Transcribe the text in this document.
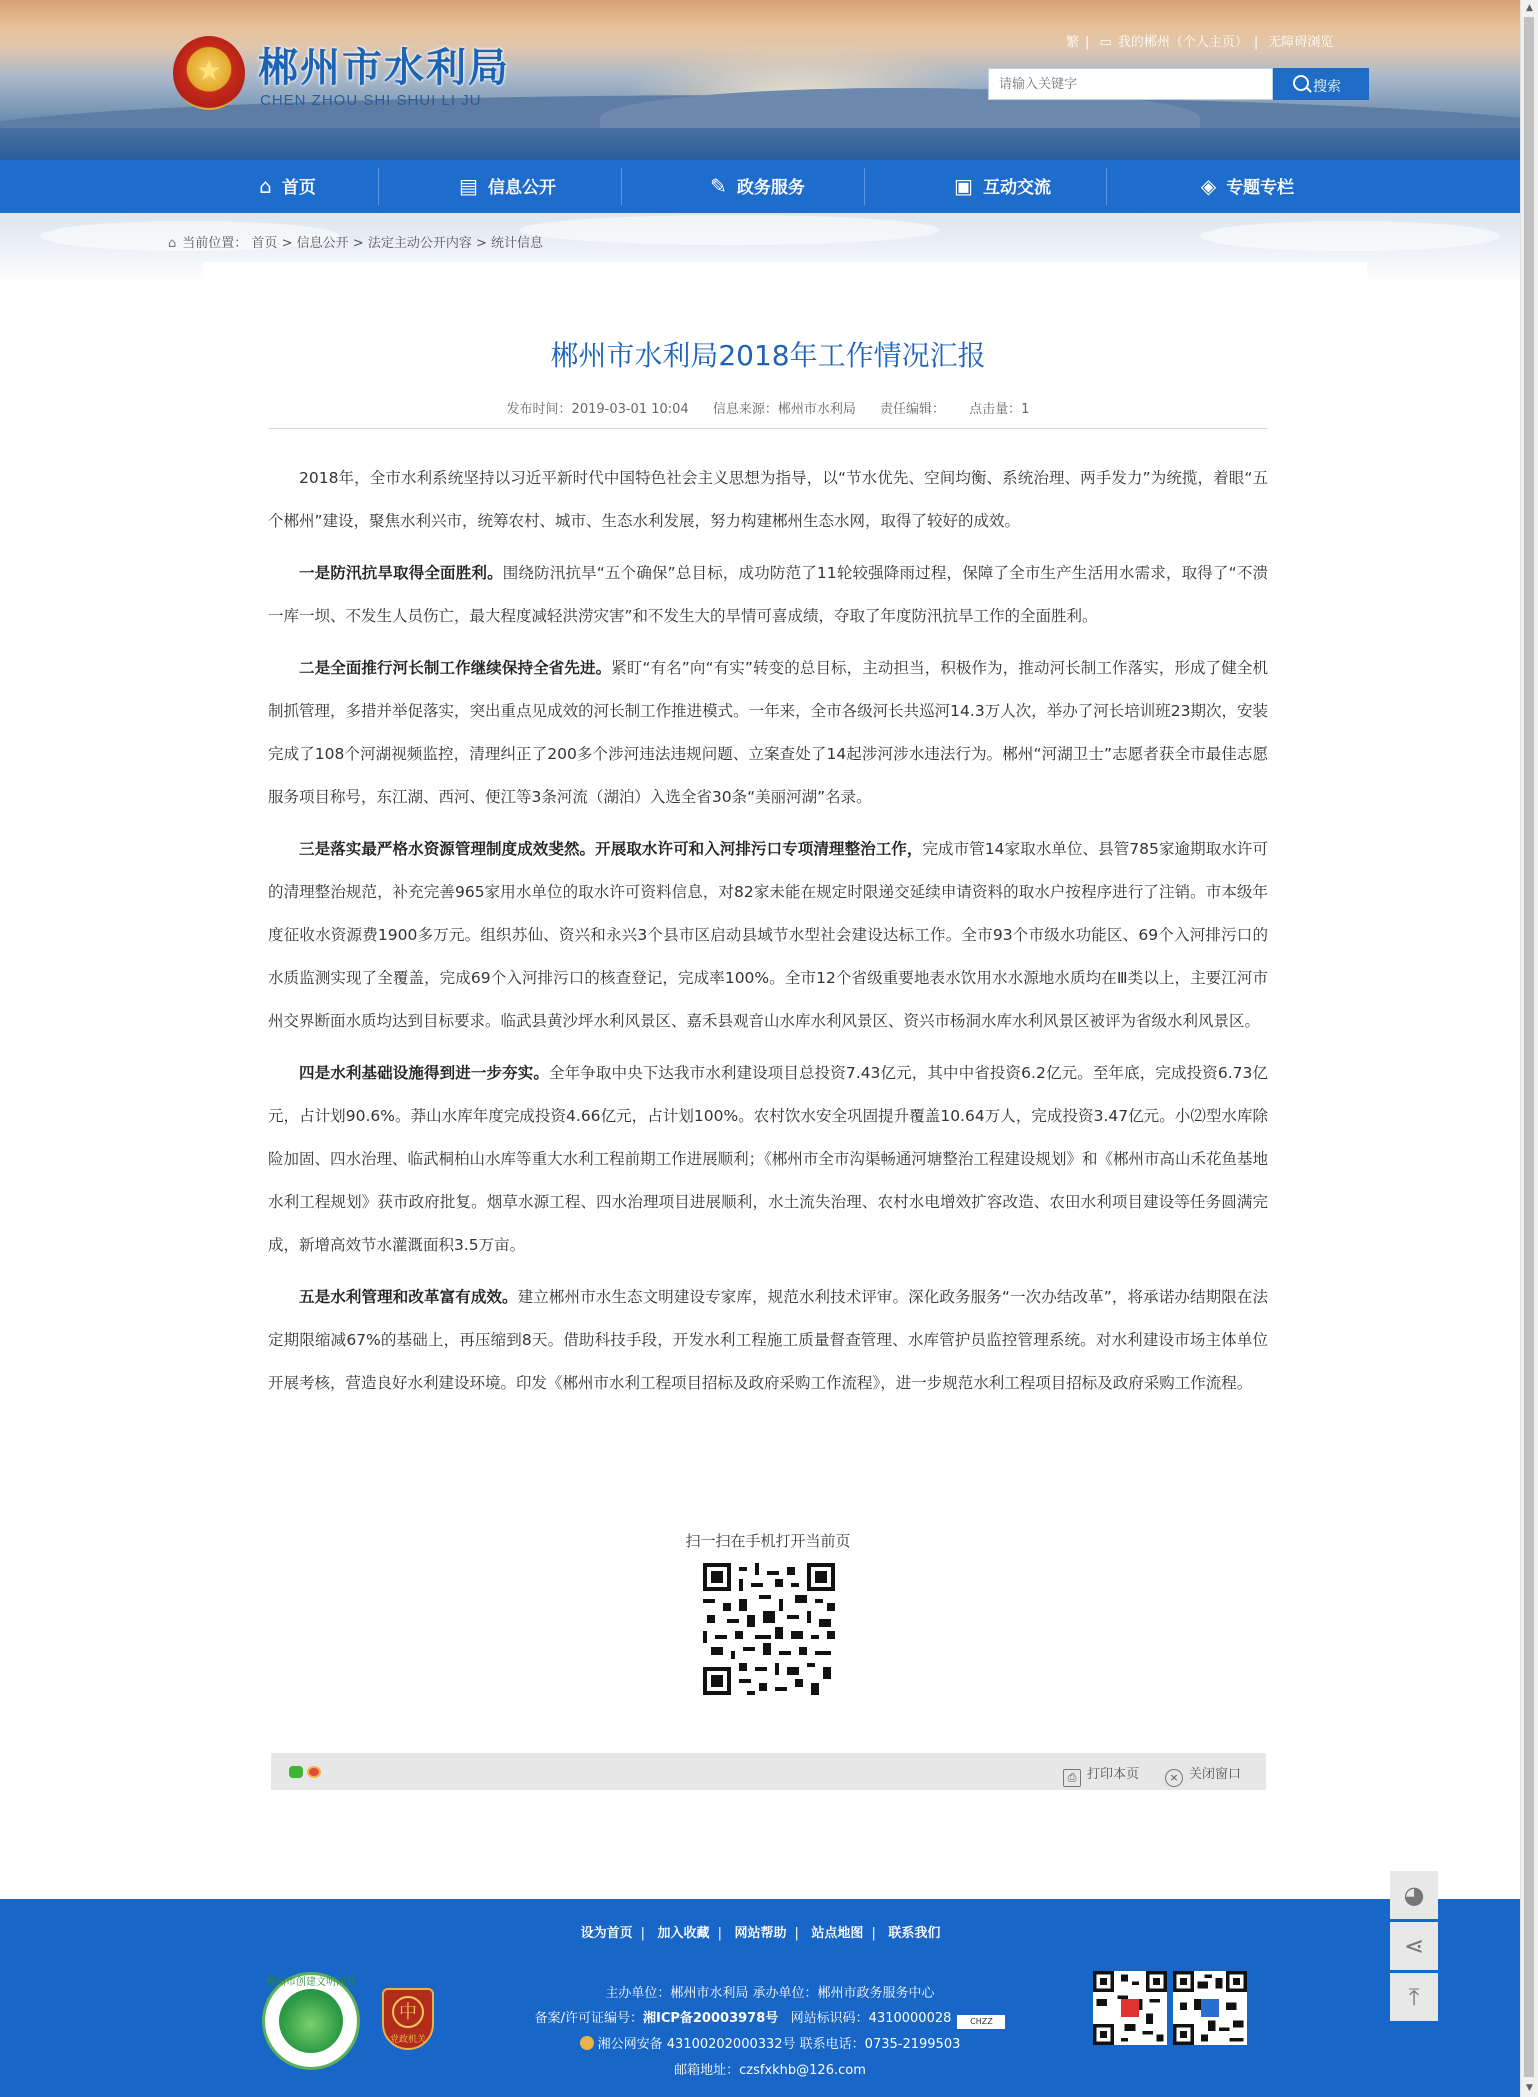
★ 郴州市水利局
CHEN ZHOU SHI SHUI LI JU
繁 | ▭ 我的郴州（个人主页） | 无障碍浏览
请输入关键字
搜索
⌂ 首页	▤ 信息公开	✎ 政务服务	▣ 互动交流	◈ 专题专栏
⌂ 当前位置： 首页 > 信息公开 > 法定主动公开内容 > 统计信息
郴州市水利局2018年工作情况汇报
发布时间：2019-03-01 10:04 信息来源：郴州市水利局 责任编辑： 点击量：1

2018年，全市水利系统坚持以习近平新时代中国特色社会主义思想为指导，以“节水优先、空间均衡、系统治理、两手发力”为统揽，着眼“五个郴州”建设，聚焦水利兴市，统筹农村、城市、生态水利发展，努力构建郴州生态水网，取得了较好的成效。

一是防汛抗旱取得全面胜利。围绕防汛抗旱“五个确保”总目标，成功防范了11轮较强降雨过程，保障了全市生产生活用水需求，取得了“不溃一库一坝、不发生人员伤亡，最大程度减轻洪涝灾害”和不发生大的旱情可喜成绩，夺取了年度防汛抗旱工作的全面胜利。

二是全面推行河长制工作继续保持全省先进。紧盯“有名”向“有实”转变的总目标，主动担当，积极作为，推动河长制工作落实，形成了健全机制抓管理，多措并举促落实，突出重点见成效的河长制工作推进模式。一年来，全市各级河长共巡河14.3万人次，举办了河长培训班23期次，安装完成了108个河湖视频监控，清理纠正了200多个涉河违法违规问题、立案查处了14起涉河涉水违法行为。郴州“河湖卫士”志愿者获全市最佳志愿服务项目称号，东江湖、西河、便江等3条河流（湖泊）入选全省30条“美丽河湖”名录。

三是落实最严格水资源管理制度成效斐然。开展取水许可和入河排污口专项清理整治工作，完成市管14家取水单位、县管785家逾期取水许可的清理整治规范，补充完善965家用水单位的取水许可资料信息，对82家未能在规定时限递交延续申请资料的取水户按程序进行了注销。市本级年度征收水资源费1900多万元。组织苏仙、资兴和永兴3个县市区启动县域节水型社会建设达标工作。全市93个市级水功能区、69个入河排污口的水质监测实现了全覆盖，完成69个入河排污口的核查登记，完成率100%。全市12个省级重要地表水饮用水水源地水质均在Ⅲ类以上，主要江河市州交界断面水质均达到目标要求。临武县黄沙坪水利风景区、嘉禾县观音山水库水利风景区、资兴市杨洞水库水利风景区被评为省级水利风景区。

四是水利基础设施得到进一步夯实。全年争取中央下达我市水利建设项目总投资7.43亿元，其中中省投资6.2亿元。至年底，完成投资6.73亿元，占计划90.6%。莽山水库年度完成投资4.66亿元，占计划100%。农村饮水安全巩固提升覆盖10.64万人，完成投资3.47亿元。小⑵型水库除险加固、四水治理、临武桐柏山水库等重大水利工程前期工作进展顺利；《郴州市全市沟渠畅通河塘整治工程建设规划》和《郴州市高山禾花鱼基地水利工程规划》获市政府批复。烟草水源工程、四水治理项目进展顺利，水土流失治理、农村水电增效扩容改造、农田水利项目建设等任务圆满完成，新增高效节水灌溉面积3.5万亩。

五是水利管理和改革富有成效。建立郴州市水生态文明建设专家库，规范水利技术评审。深化政务服务“一次办结改革”，将承诺办结期限在法定期限缩减67%的基础上，再压缩到8天。借助科技手段，开发水利工程施工质量督查管理、水库管护员监控管理系统。对水利建设市场主体单位开展考核，营造良好水利建设环境。印发《郴州市水利工程项目招标及政府采购工作流程》，进一步规范水利工程项目招标及政府采购工作流程。

扫一扫在手机打开当前页
⎙ 打印本页	× 关闭窗口
设为首页 | 加入收藏 | 网站帮助 | 站点地图 | 联系我们
郴州市创建文明网站
中
党政机关
主办单位：郴州市水利局 承办单位：郴州市政务服务中心
备案/许可证编号：湘ICP备20003978号 网站标识码：4310000028 CHZZ
湘公网安备 43100202000332号 联系电话：0735-2199503
邮箱地址：czsfxkhb@126.com
◕
⋖
⤒
▲
▼
